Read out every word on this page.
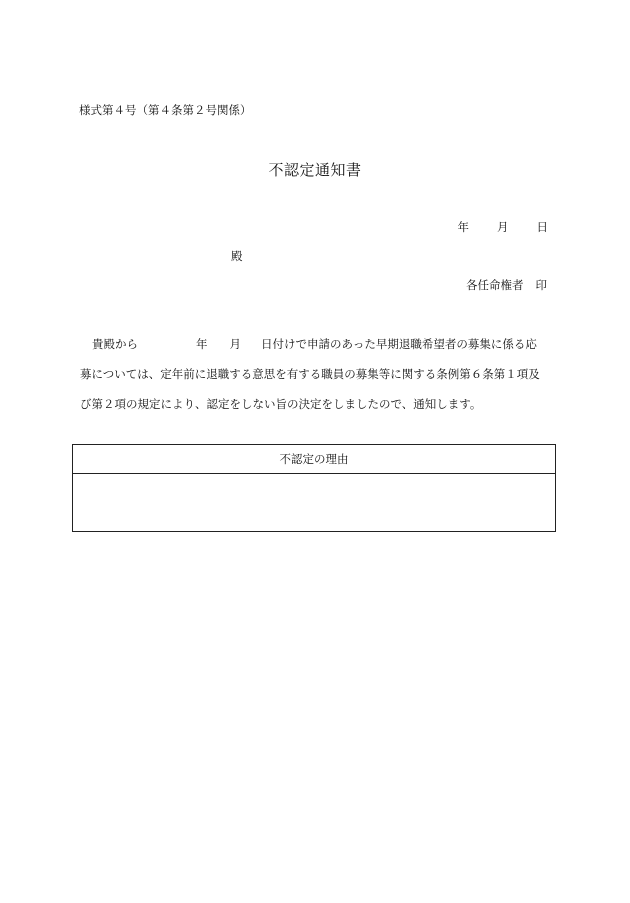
様式第４号（第４条第２号関係）
不認定通知書
年 月 日
殿
各任命権者 印
貴殿から	年 月 日付けで申請のあった早期退職希望者の募集に係る応
募については、定年前に退職する意思を有する職員の募集等に関する条例第６条第１項及
び第２項の規定により、認定をしない旨の決定をしましたので、通知します。
不認定の理由
